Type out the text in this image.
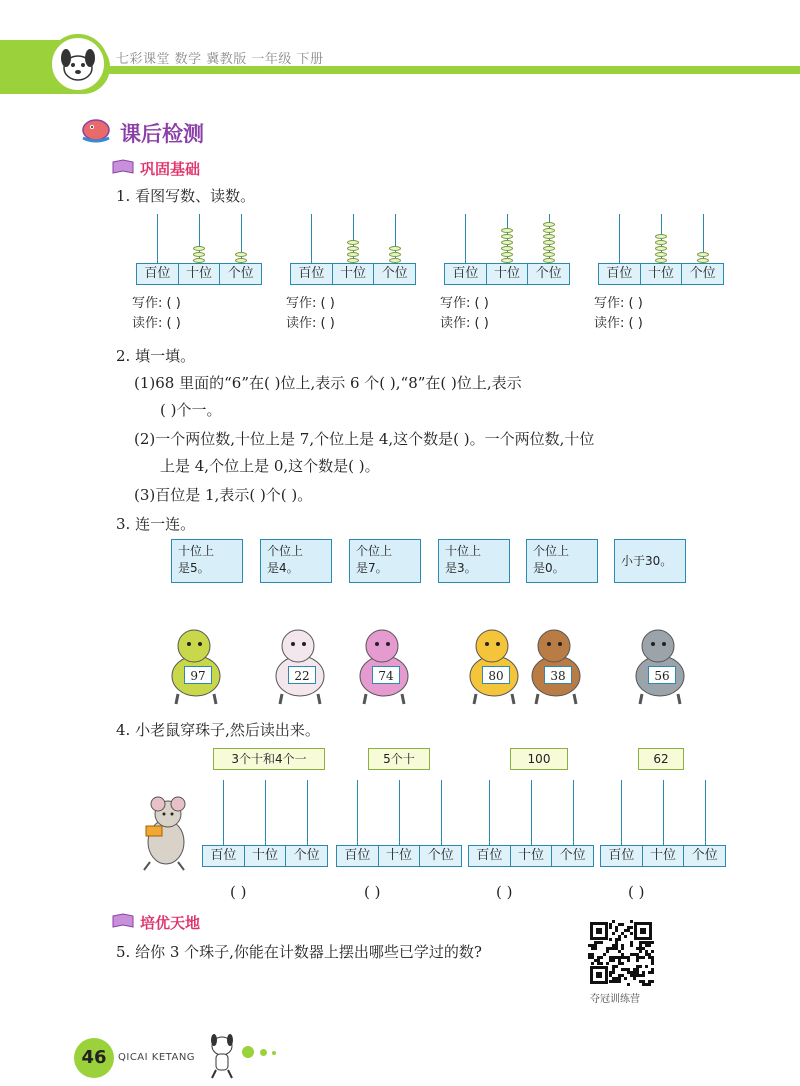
七彩课堂 数学 冀教版 一年级 下册
课后检测
巩固基础
1. 看图写数、读数。
百位	十位	个位
写作: ( )
读作: ( )
百位	十位	个位
写作: ( )
读作: ( )
百位	十位	个位
写作: ( )
读作: ( )
百位	十位	个位
写作: ( )
读作: ( )
2. 填一填。
(1)68 里面的“6”在( )位上,表示 6 个( ),“8”在( )位上,表示
( )个一。
(2)一个两位数,十位上是 7,个位上是 4,这个数是( )。一个两位数,十位
上是 4,个位上是 0,这个数是( )。
(3)百位是 1,表示( )个( )。
3. 连一连。
十位上
是5。
个位上
是4。
个位上
是7。
十位上
是3。
个位上
是0。	小于30。
97	22	74	80	38	56
4. 小老鼠穿珠子,然后读出来。
3个十和4个一	5个十	100	62
百位	十位	个位
( )
百位	十位	个位
( )
百位	十位	个位
( )
百位	十位	个位
( )
培优天地
5. 给你 3 个珠子,你能在计数器上摆出哪些已学过的数?
夺冠训练营
46	QICAI KETANG
